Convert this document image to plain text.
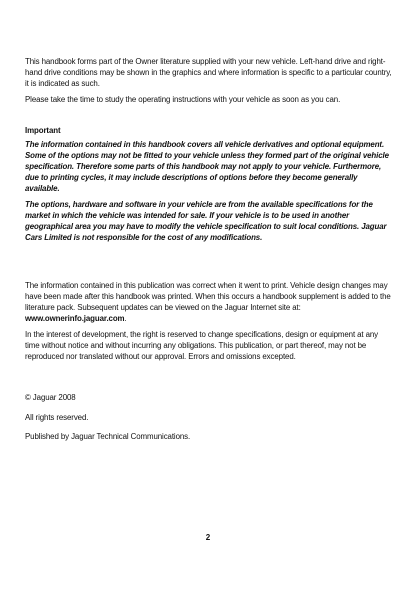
This handbook forms part of the Owner literature supplied with your new vehicle. Left-hand drive and right-hand drive conditions may be shown in the graphics and where information is specific to a particular country, it is indicated as such.

Please take the time to study the operating instructions with your vehicle as soon as you can.

Important

The information contained in this handbook covers all vehicle derivatives and optional equipment. Some of the options may not be fitted to your vehicle unless they formed part of the original vehicle specification. Therefore some parts of this handbook may not apply to your vehicle. Furthermore, due to printing cycles, it may include descriptions of options before they become generally available.

The options, hardware and software in your vehicle are from the available specifications for the market in which the vehicle was intended for sale. If your vehicle is to be used in another geographical area you may have to modify the vehicle specification to suit local conditions. Jaguar Cars Limited is not responsible for the cost of any modifications.

The information contained in this publication was correct when it went to print. Vehicle design changes may have been made after this handbook was printed. When this occurs a handbook supplement is added to the literature pack. Subsequent updates can be viewed on the Jaguar Internet site at: www.ownerinfo.jaguar.com.

In the interest of development, the right is reserved to change specifications, design or equipment at any time without notice and without incurring any obligations. This publication, or part thereof, may not be reproduced nor translated without our approval. Errors and omissions excepted.

© Jaguar 2008

All rights reserved.

Published by Jaguar Technical Communications.

2
